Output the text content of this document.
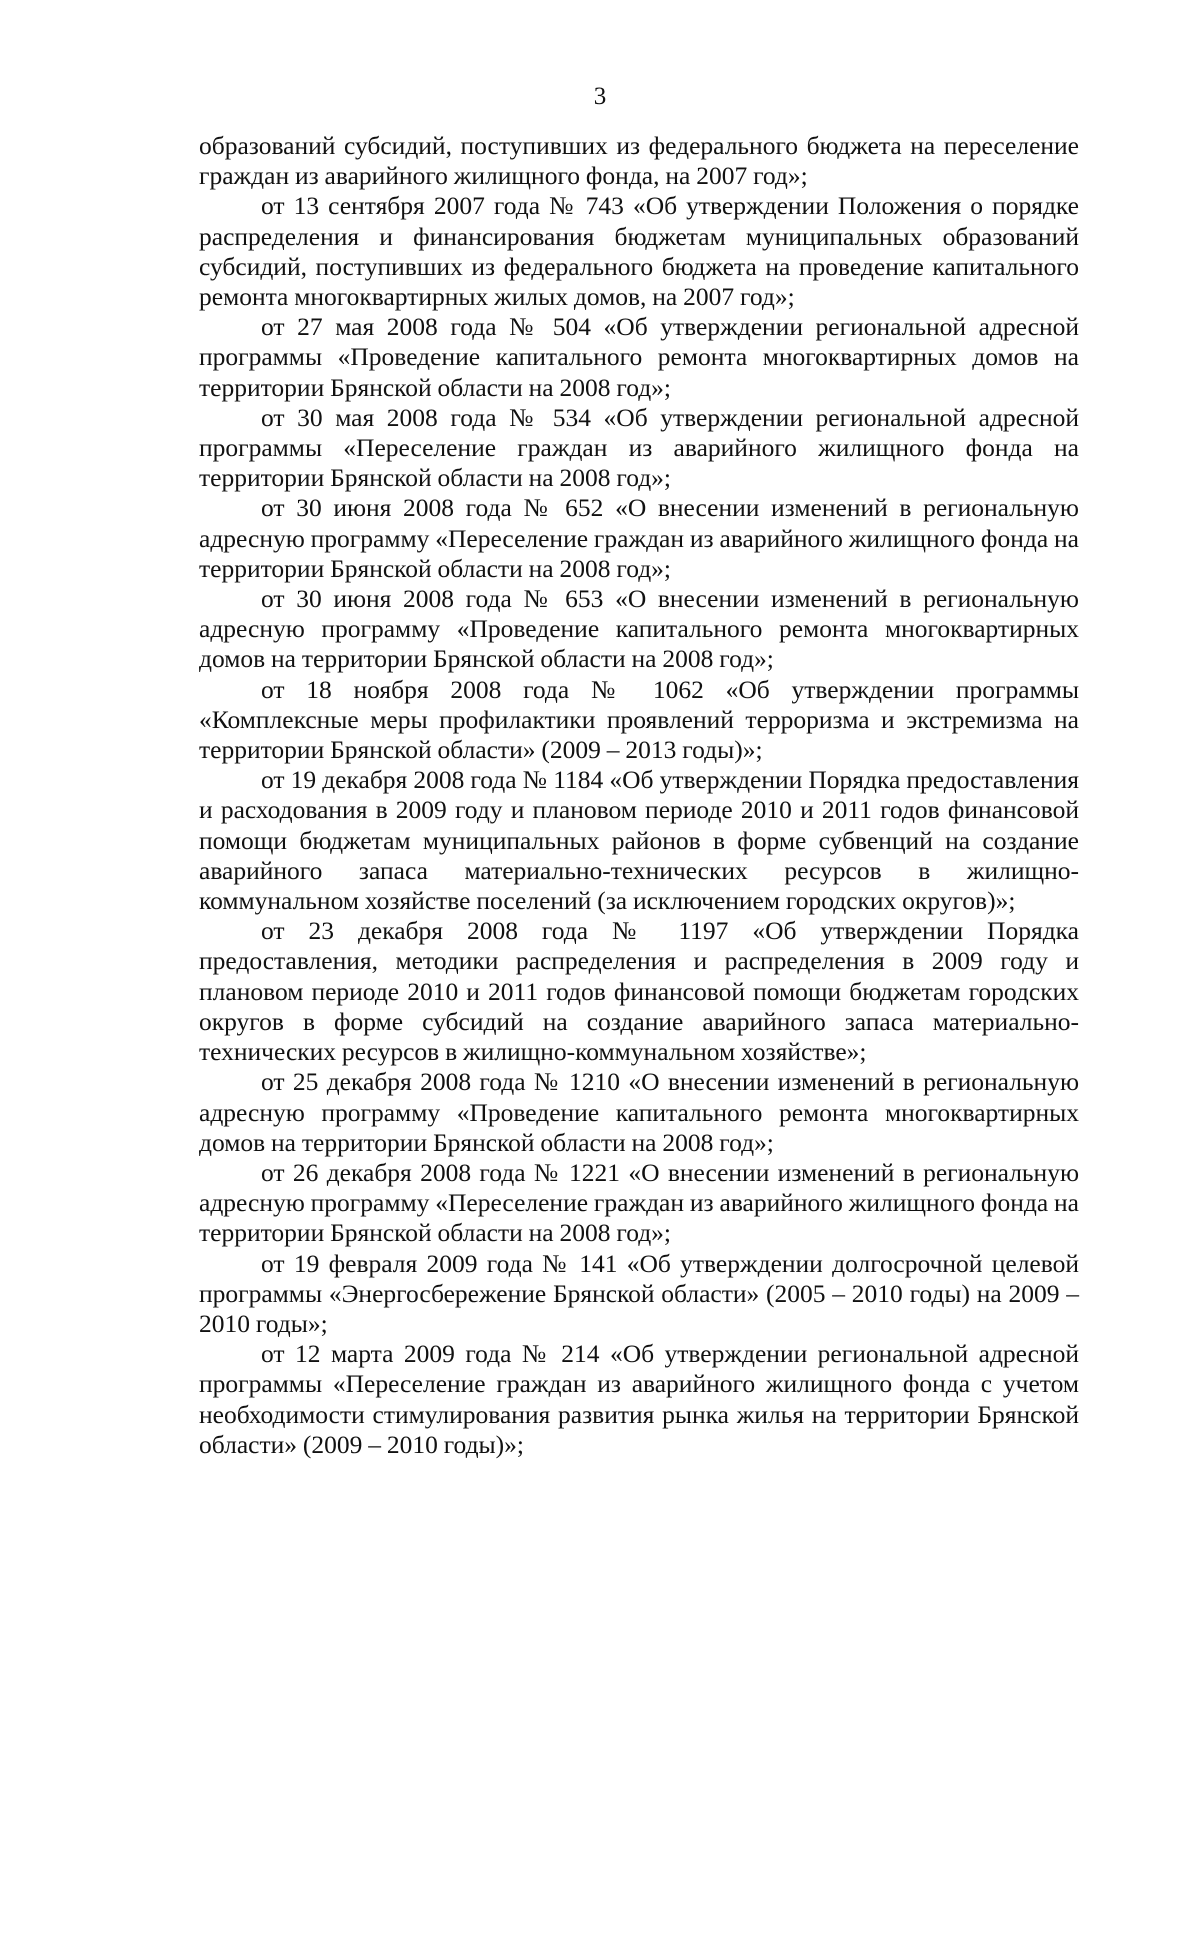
3

образований субсидий, поступивших из федерального бюджета на переселение граждан из аварийного жилищного фонда, на 2007 год»;

от 13 сентября 2007 года № 743 «Об утверждении Положения о порядке распределения и финансирования бюджетам муниципальных образований субсидий, поступивших из федерального бюджета на проведение капитального ремонта многоквартирных жилых домов, на 2007 год»;

от 27 мая 2008 года № 504 «Об утверждении региональной адресной программы «Проведение капитального ремонта многоквартирных домов на территории Брянской области на 2008 год»;

от 30 мая 2008 года № 534 «Об утверждении региональной адресной программы «Переселение граждан из аварийного жилищного фонда на территории Брянской области на 2008 год»;

от 30 июня 2008 года № 652 «О внесении изменений в региональную адресную программу «Переселение граждан из аварийного жилищного фонда на территории Брянской области на 2008 год»;

от 30 июня 2008 года № 653 «О внесении изменений в региональную адресную программу «Проведение капитального ремонта многоквартирных домов на территории Брянской области на 2008 год»;

от 18 ноября 2008 года № 1062 «Об утверждении программы «Комплексные меры профилактики проявлений терроризма и экстремизма на территории Брянской области» (2009 – 2013 годы)»;

от 19 декабря 2008 года № 1184 «Об утверждении Порядка предоставления и расходования в 2009 году и плановом периоде 2010 и 2011 годов финансовой помощи бюджетам муниципальных районов в форме субвенций на создание аварийного запаса материально-технических ресурсов в жилищно-коммунальном хозяйстве поселений (за исключением городских округов)»;

от 23 декабря 2008 года № 1197 «Об утверждении Порядка предоставления, методики распределения и распределения в 2009 году и плановом периоде 2010 и 2011 годов финансовой помощи бюджетам городских округов в форме субсидий на создание аварийного запаса материально-технических ресурсов в жилищно-коммунальном хозяйстве»;

от 25 декабря 2008 года № 1210 «О внесении изменений в региональную адресную программу «Проведение капитального ремонта многоквартирных домов на территории Брянской области на 2008 год»;

от 26 декабря 2008 года № 1221 «О внесении изменений в региональную адресную программу «Переселение граждан из аварийного жилищного фонда на территории Брянской области на 2008 год»;

от 19 февраля 2009 года № 141 «Об утверждении долгосрочной целевой программы «Энергосбережение Брянской области» (2005 – 2010 годы) на 2009 – 2010 годы»;

от 12 марта 2009 года № 214 «Об утверждении региональной адресной программы «Переселение граждан из аварийного жилищного фонда с учетом необходимости стимулирования развития рынка жилья на территории Брянской области» (2009 – 2010 годы)»;
